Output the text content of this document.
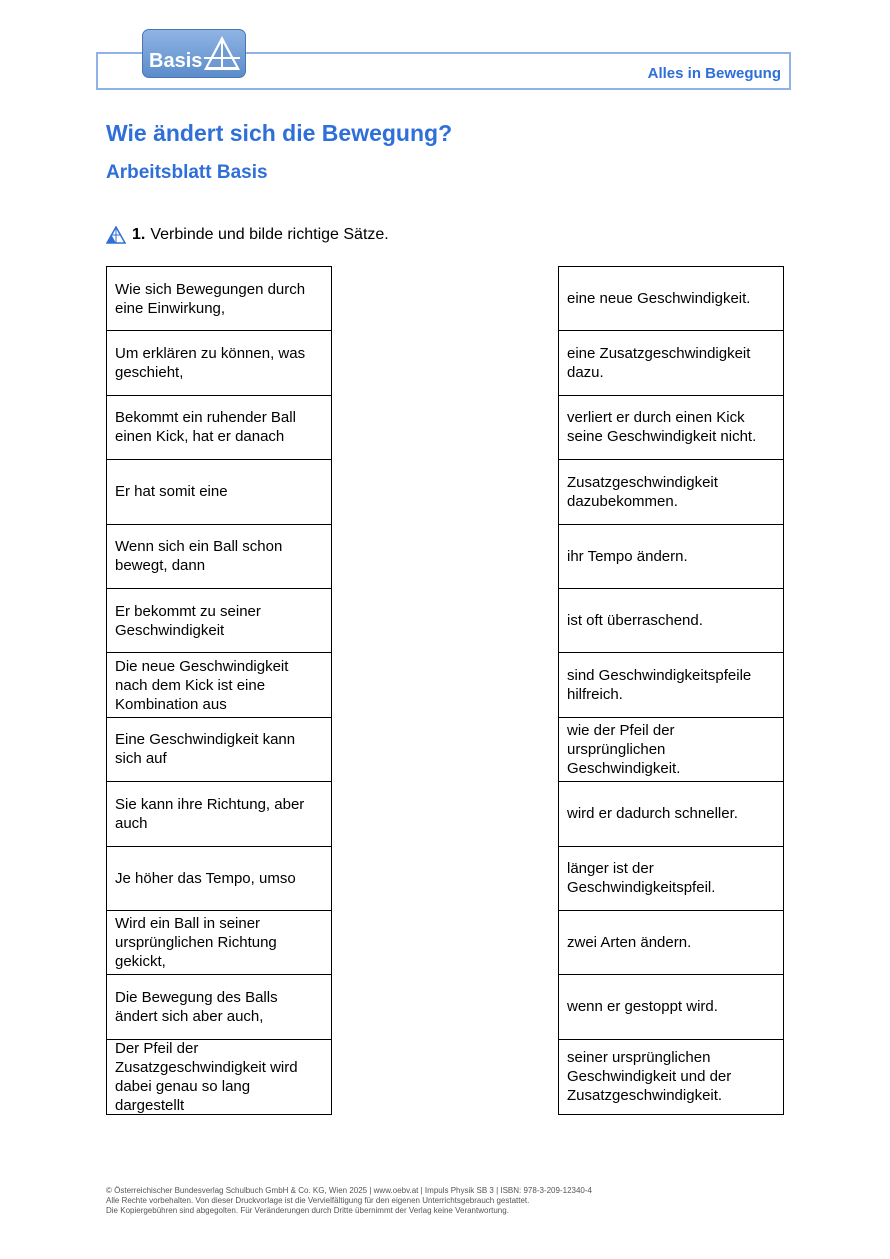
Alles in Bewegung
Basis
Wie ändert sich die Bewegung?
Arbeitsblatt Basis
1. Verbinde und bilde richtige Sätze.
Wie sich Bewegungen durch eine Einwirkung,
Um erklären zu können, was geschieht,
Bekommt ein ruhender Ball einen Kick, hat er danach
Er hat somit eine
Wenn sich ein Ball schon bewegt, dann
Er bekommt zu seiner Geschwindigkeit
Die neue Geschwindigkeit nach dem Kick ist eine Kombination aus
Eine Geschwindigkeit kann sich auf
Sie kann ihre Richtung, aber auch
Je höher das Tempo, umso
Wird ein Ball in seiner ursprünglichen Richtung gekickt,
Die Bewegung des Balls ändert sich aber auch,
Der Pfeil der Zusatzgeschwindigkeit wird dabei genau so lang dargestellt
eine neue Geschwindigkeit.
eine Zusatzgeschwindigkeit dazu.
verliert er durch einen Kick seine Geschwindigkeit nicht.
Zusatzgeschwindigkeit dazubekommen.
ihr Tempo ändern.
ist oft überraschend.
sind Geschwindigkeitspfeile hilfreich.
wie der Pfeil der ursprünglichen Geschwindigkeit.
wird er dadurch schneller.
länger ist der Geschwindigkeitspfeil.
zwei Arten ändern.
wenn er gestoppt wird.
seiner ursprünglichen Geschwindigkeit und der Zusatzgeschwindigkeit.
© Österreichischer Bundesverlag Schulbuch GmbH & Co. KG, Wien 2025 | www.oebv.at | Impuls Physik SB 3 | ISBN: 978-3-209-12340-4
Alle Rechte vorbehalten. Von dieser Druckvorlage ist die Vervielfältigung für den eigenen Unterrichtsgebrauch gestattet.
Die Kopiergebühren sind abgegolten. Für Veränderungen durch Dritte übernimmt der Verlag keine Verantwortung.
